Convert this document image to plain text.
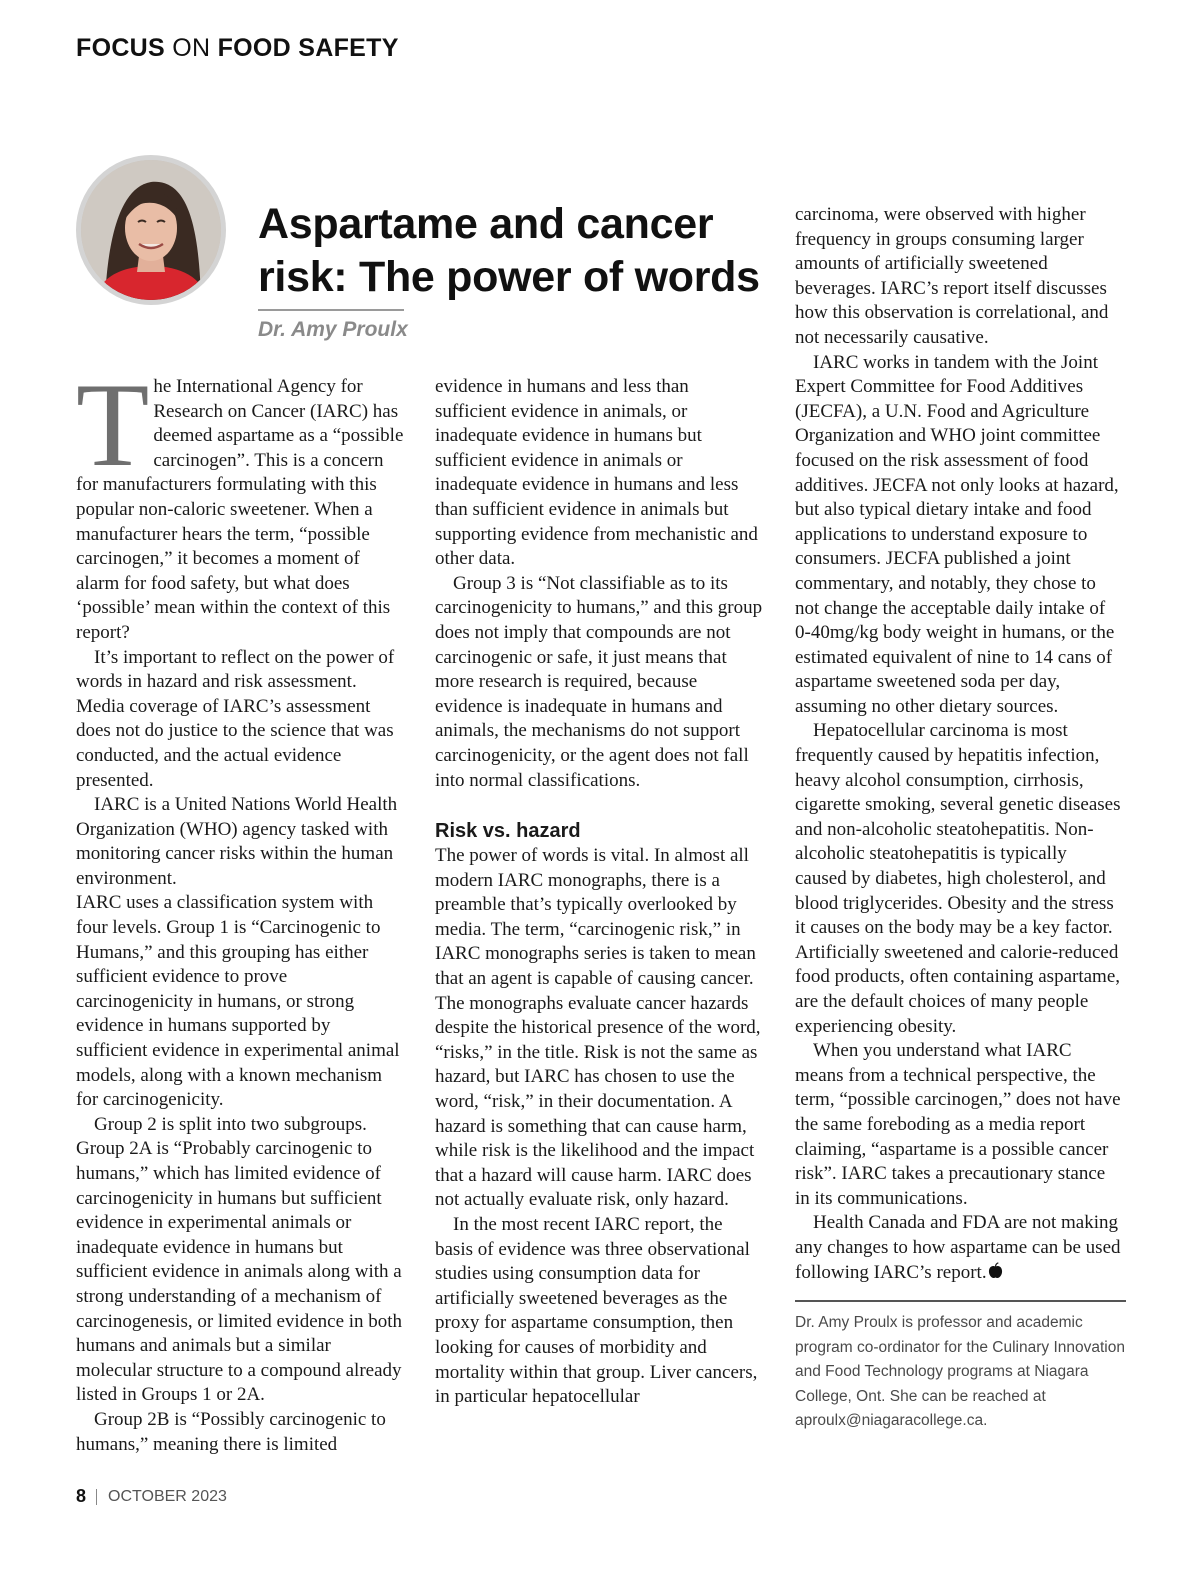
FOCUS ON FOOD SAFETY
Aspartame and cancer
risk: The power of words
Dr. Amy Proulx

The International Agency for Research on Cancer (IARC) has deemed aspartame as a “possible carcinogen”. This is a concern for manufacturers formulating with this popular non-caloric sweetener. When a manufacturer hears the term, “possible carcinogen,” it becomes a moment of alarm for food safety, but what does ‘possible’ mean within the context of this report?

It’s important to reflect on the power of words in hazard and risk assessment. Media coverage of IARC’s assessment does not do justice to the science that was conducted, and the actual evidence presented.

IARC is a United Nations World Health Organization (WHO) agency tasked with monitoring cancer risks within the human environment.

IARC uses a classification system with four levels. Group 1 is “Carcinogenic to Humans,” and this grouping has either sufficient evidence to prove carcinogenicity in humans, or strong evidence in humans supported by sufficient evidence in experimental animal models, along with a known mechanism for carcinogenicity.

Group 2 is split into two subgroups. Group 2A is “Probably carcinogenic to humans,” which has limited evidence of carcinogenicity in humans but sufficient evidence in experimental animals or inadequate evidence in humans but sufficient evidence in animals along with a strong understanding of a mechanism of carcinogenesis, or limited evidence in both humans and animals but a similar molecular structure to a compound already listed in Groups 1 or 2A.

Group 2B is “Possibly carcinogenic to humans,” meaning there is limited

evidence in humans and less than sufficient evidence in animals, or inadequate evidence in humans but sufficient evidence in animals or inadequate evidence in humans and less than sufficient evidence in animals but supporting evidence from mechanistic and other data.

Group 3 is “Not classifiable as to its carcinogenicity to humans,” and this group does not imply that compounds are not carcinogenic or safe, it just means that more research is required, because evidence is inadequate in humans and animals, the mechanisms do not support carcinogenicity, or the agent does not fall into normal classifications.

Risk vs. hazard

The power of words is vital. In almost all modern IARC monographs, there is a preamble that’s typically overlooked by media. The term, “carcinogenic risk,” in IARC monographs series is taken to mean that an agent is capable of causing cancer. The monographs evaluate cancer hazards despite the historical presence of the word, “risks,” in the title. Risk is not the same as hazard, but IARC has chosen to use the word, “risk,” in their documentation. A hazard is something that can cause harm, while risk is the likelihood and the impact that a hazard will cause harm. IARC does not actually evaluate risk, only hazard.

In the most recent IARC report, the basis of evidence was three observational studies using consumption data for artificially sweetened beverages as the proxy for aspartame consumption, then looking for causes of morbidity and mortality within that group. Liver cancers, in particular hepatocellular

carcinoma, were observed with higher frequency in groups consuming larger amounts of artificially sweetened beverages. IARC’s report itself discusses how this observation is correlational, and not necessarily causative.

IARC works in tandem with the Joint Expert Committee for Food Additives (JECFA), a U.N. Food and Agriculture Organization and WHO joint committee focused on the risk assessment of food additives. JECFA not only looks at hazard, but also typical dietary intake and food applications to understand exposure to consumers. JECFA published a joint commentary, and notably, they chose to not change the acceptable daily intake of 0-40mg/kg body weight in humans, or the estimated equivalent of nine to 14 cans of aspartame sweetened soda per day, assuming no other dietary sources.

Hepatocellular carcinoma is most frequently caused by hepatitis infection, heavy alcohol consumption, cirrhosis, cigarette smoking, several genetic diseases and non-alcoholic steatohepatitis. Non-alcoholic steatohepatitis is typically caused by diabetes, high cholesterol, and blood triglycerides. Obesity and the stress it causes on the body may be a key factor. Artificially sweetened and calorie-reduced food products, often containing aspartame, are the default choices of many people experiencing obesity.

When you understand what IARC means from a technical perspective, the term, “possible carcinogen,” does not have the same foreboding as a media report claiming, “aspartame is a possible cancer risk”. IARC takes a precautionary stance in its communications.

Health Canada and FDA are not making any changes to how aspartame can be used following IARC’s report.

Dr. Amy Proulx is professor and academic program co-ordinator for the Culinary Innovation and Food Technology programs at Niagara College, Ont. She can be reached at aproulx@niagaracollege.ca.

8 OCTOBER 2023
